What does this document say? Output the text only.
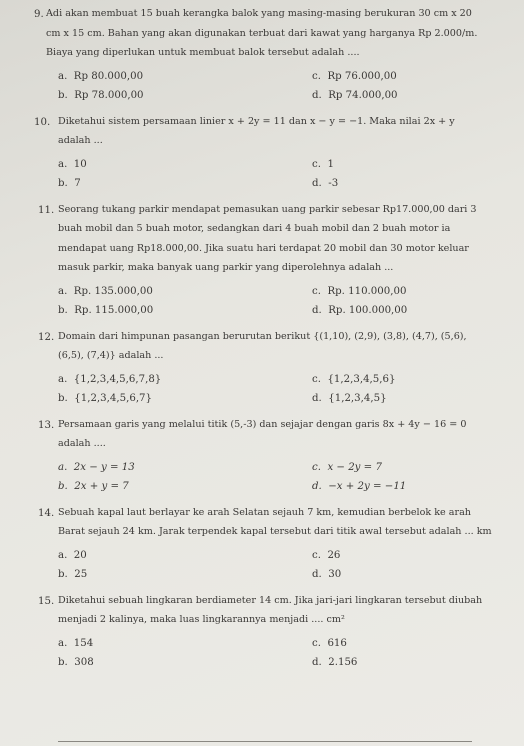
9. Adi akan membuat 15 buah kerangka balok yang masing-masing berukuran 30 cm x 20
cm x 15 cm. Bahan yang akan digunakan terbuat dari kawat yang harganya Rp 2.000/m.
Biaya yang diperlukan untuk membuat balok tersebut adalah ....
a. Rp 80.000,00	c. Rp 76.000,00
b. Rp 78.000,00	d. Rp 74.000,00
10. Diketahui sistem persamaan linier x + 2y = 11 dan x − y = −1. Maka nilai 2x + y
adalah ...
a. 10	c. 1
b. 7	d. -3
11. Seorang tukang parkir mendapat pemasukan uang parkir sebesar Rp17.000,00 dari 3
buah mobil dan 5 buah motor, sedangkan dari 4 buah mobil dan 2 buah motor ia
mendapat uang Rp18.000,00. Jika suatu hari terdapat 20 mobil dan 30 motor keluar
masuk parkir, maka banyak uang parkir yang diperolehnya adalah ...
a. Rp. 135.000,00	c. Rp. 110.000,00
b. Rp. 115.000,00	d. Rp. 100.000,00
12. Domain dari himpunan pasangan berurutan berikut {(1,10), (2,9), (3,8), (4,7), (5,6),
(6,5), (7,4)} adalah ...
a. {1,2,3,4,5,6,7,8}	c. {1,2,3,4,5,6}
b. {1,2,3,4,5,6,7}	d. {1,2,3,4,5}
13. Persamaan garis yang melalui titik (5,-3) dan sejajar dengan garis 8x + 4y − 16 = 0
adalah ....
a. 2x − y = 13	c. x − 2y = 7
b. 2x + y = 7	d. −x + 2y = −11
14. Sebuah kapal laut berlayar ke arah Selatan sejauh 7 km, kemudian berbelok ke arah
Barat sejauh 24 km. Jarak terpendek kapal tersebut dari titik awal tersebut adalah ... km
a. 20	c. 26
b. 25	d. 30
15. Diketahui sebuah lingkaran berdiameter 14 cm. Jika jari-jari lingkaran tersebut diubah
menjadi 2 kalinya, maka luas lingkarannya menjadi .... cm²
a. 154	c. 616
b. 308	d. 2.156
